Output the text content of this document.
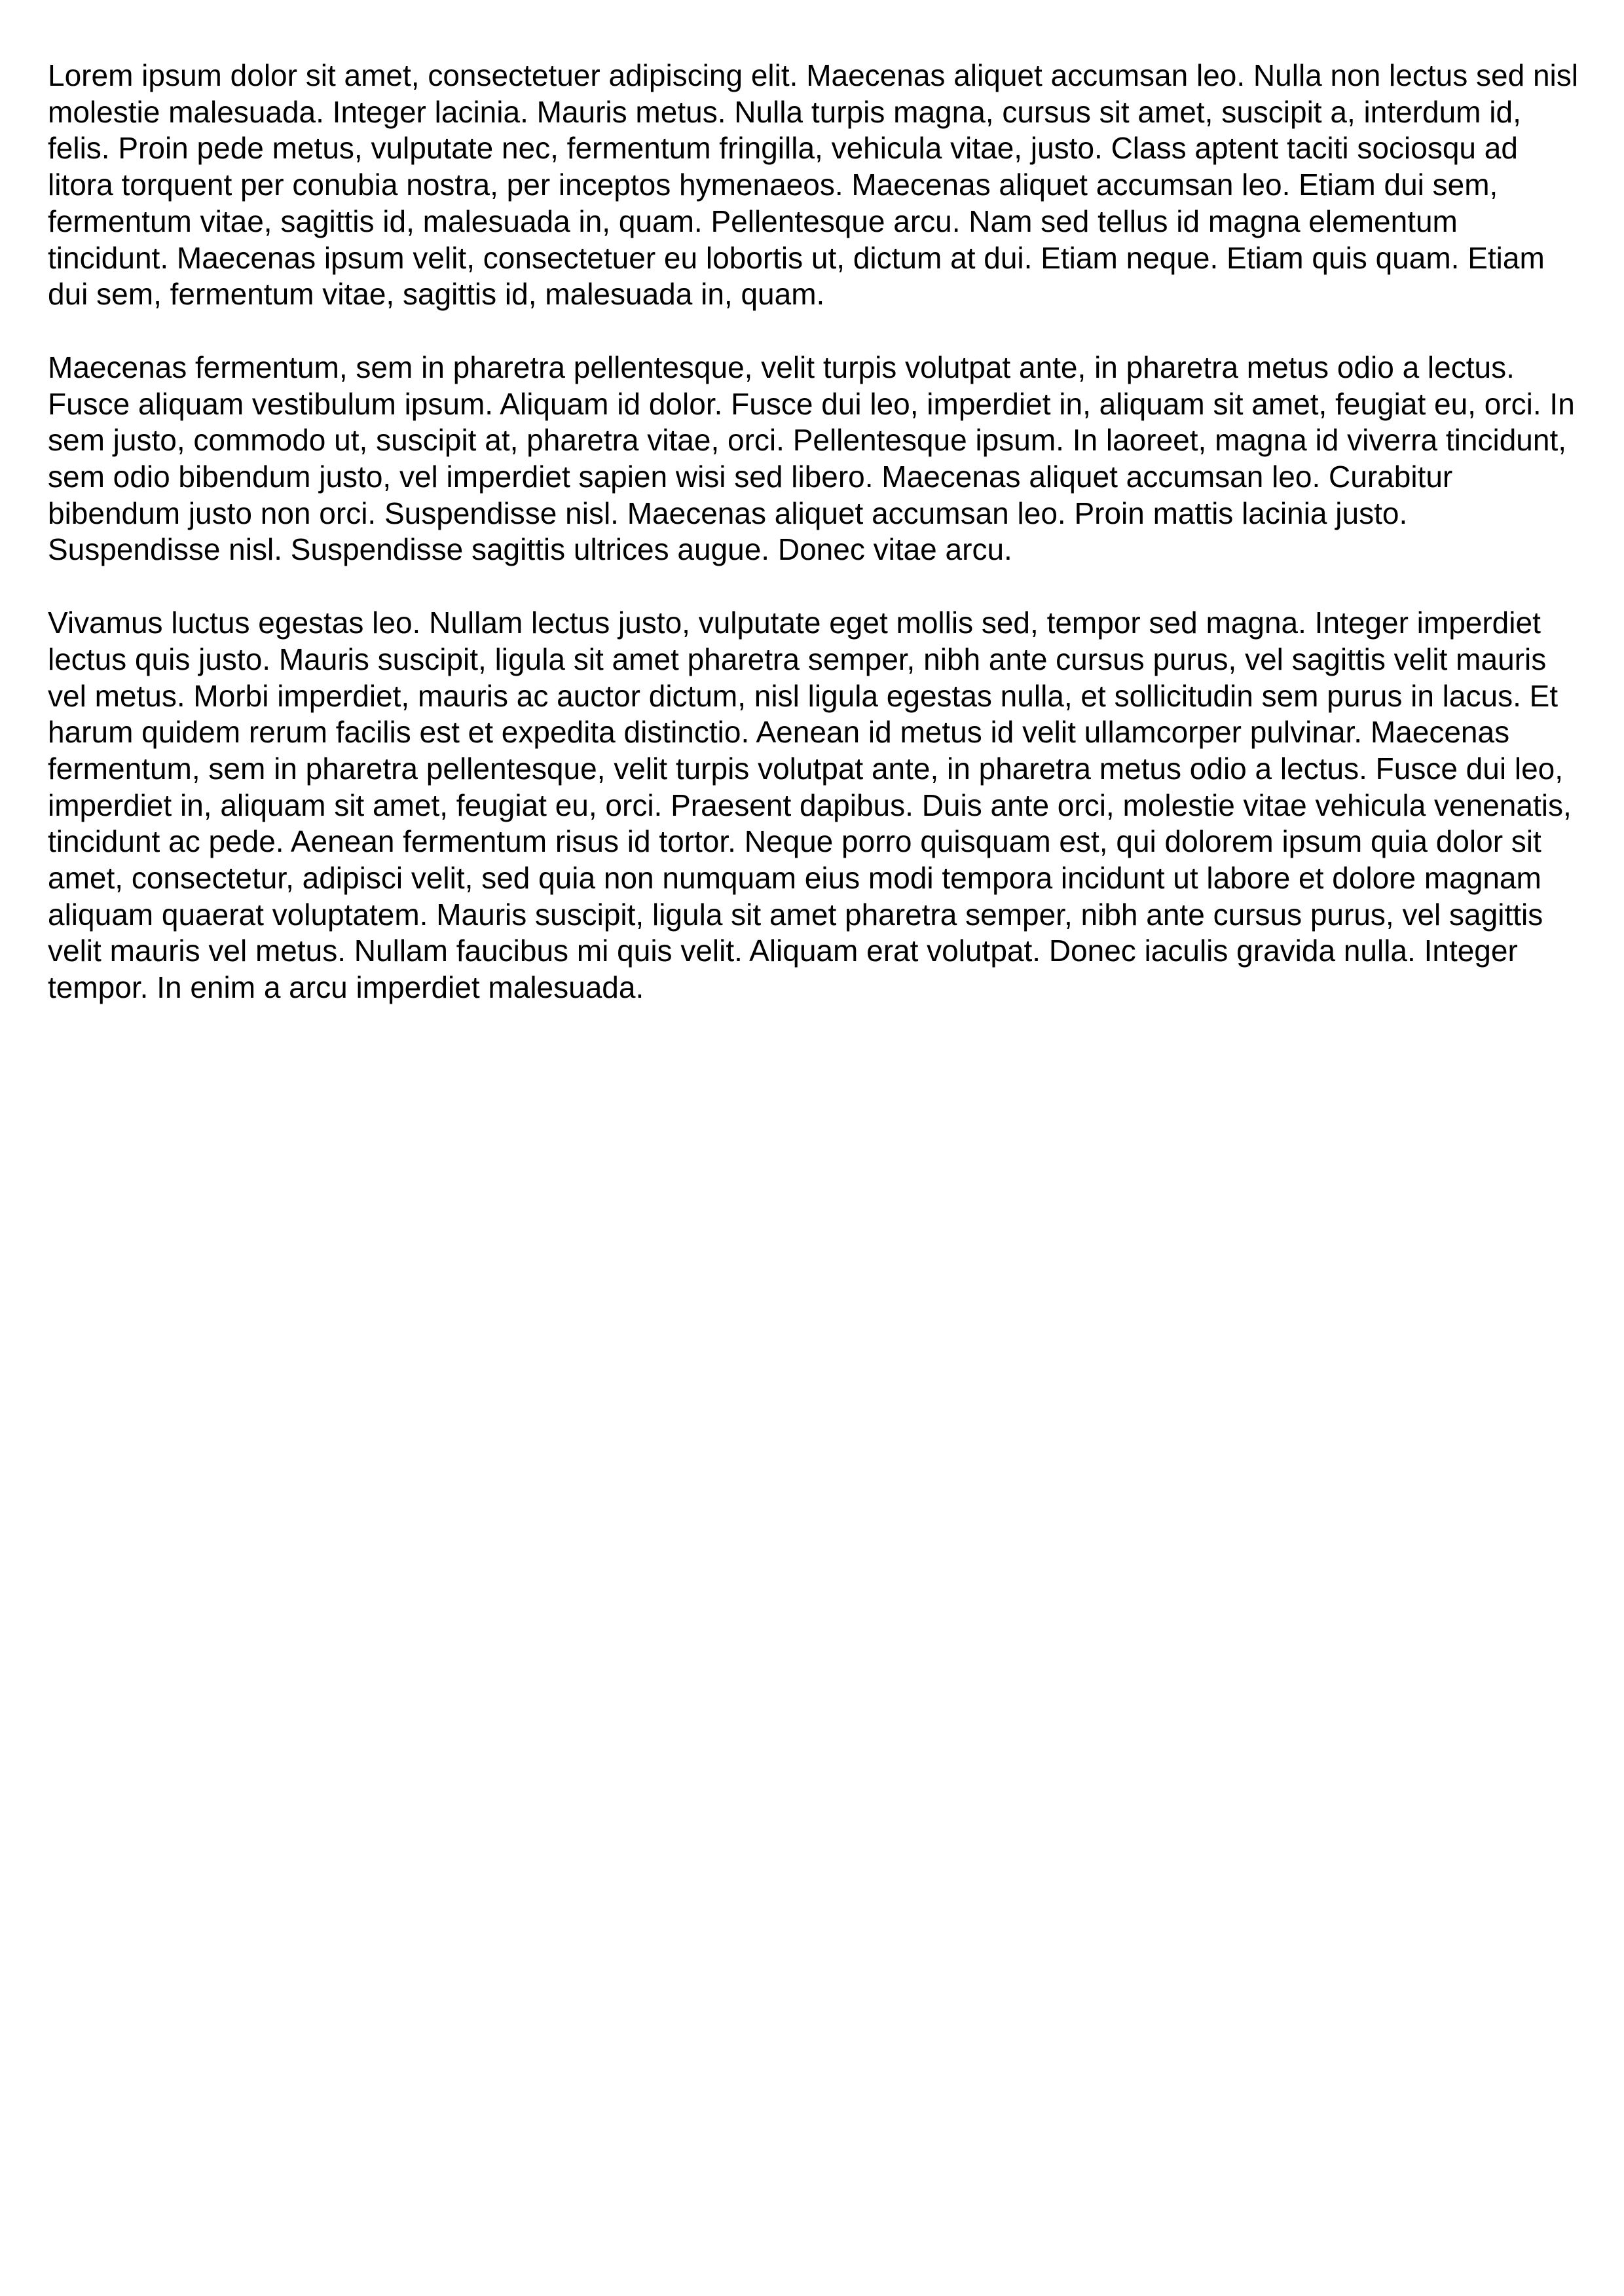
Lorem ipsum dolor sit amet, consectetuer adipiscing elit. Maecenas aliquet accumsan leo. Nulla non lectus sed nisl molestie malesuada. Integer lacinia. Mauris metus. Nulla turpis magna, cursus sit amet, suscipit a, interdum id, felis. Proin pede metus, vulputate nec, fermentum fringilla, vehicula vitae, justo. Class aptent taciti sociosqu ad litora torquent per conubia nostra, per inceptos hymenaeos. Maecenas aliquet accumsan leo. Etiam dui sem, fermentum vitae, sagittis id, malesuada in, quam. Pellentesque arcu. Nam sed tellus id magna elementum tincidunt. Maecenas ipsum velit, consectetuer eu lobortis ut, dictum at dui. Etiam neque. Etiam quis quam. Etiam dui sem, fermentum vitae, sagittis id, malesuada in, quam.

Maecenas fermentum, sem in pharetra pellentesque, velit turpis volutpat ante, in pharetra metus odio a lectus. Fusce aliquam vestibulum ipsum. Aliquam id dolor. Fusce dui leo, imperdiet in, aliquam sit amet, feugiat eu, orci. In sem justo, commodo ut, suscipit at, pharetra vitae, orci. Pellentesque ipsum. In laoreet, magna id viverra tincidunt, sem odio bibendum justo, vel imperdiet sapien wisi sed libero. Maecenas aliquet accumsan leo. Curabitur bibendum justo non orci. Suspendisse nisl. Maecenas aliquet accumsan leo. Proin mattis lacinia justo. Suspendisse nisl. Suspendisse sagittis ultrices augue. Donec vitae arcu.

Vivamus luctus egestas leo. Nullam lectus justo, vulputate eget mollis sed, tempor sed magna. Integer imperdiet lectus quis justo. Mauris suscipit, ligula sit amet pharetra semper, nibh ante cursus purus, vel sagittis velit mauris vel metus. Morbi imperdiet, mauris ac auctor dictum, nisl ligula egestas nulla, et sollicitudin sem purus in lacus. Et harum quidem rerum facilis est et expedita distinctio. Aenean id metus id velit ullamcorper pulvinar. Maecenas fermentum, sem in pharetra pellentesque, velit turpis volutpat ante, in pharetra metus odio a lectus. Fusce dui leo, imperdiet in, aliquam sit amet, feugiat eu, orci. Praesent dapibus. Duis ante orci, molestie vitae vehicula venenatis, tincidunt ac pede. Aenean fermentum risus id tortor. Neque porro quisquam est, qui dolorem ipsum quia dolor sit amet, consectetur, adipisci velit, sed quia non numquam eius modi tempora incidunt ut labore et dolore magnam aliquam quaerat voluptatem. Mauris suscipit, ligula sit amet pharetra semper, nibh ante cursus purus, vel sagittis velit mauris vel metus. Nullam faucibus mi quis velit. Aliquam erat volutpat. Donec iaculis gravida nulla. Integer tempor. In enim a arcu imperdiet malesuada.
